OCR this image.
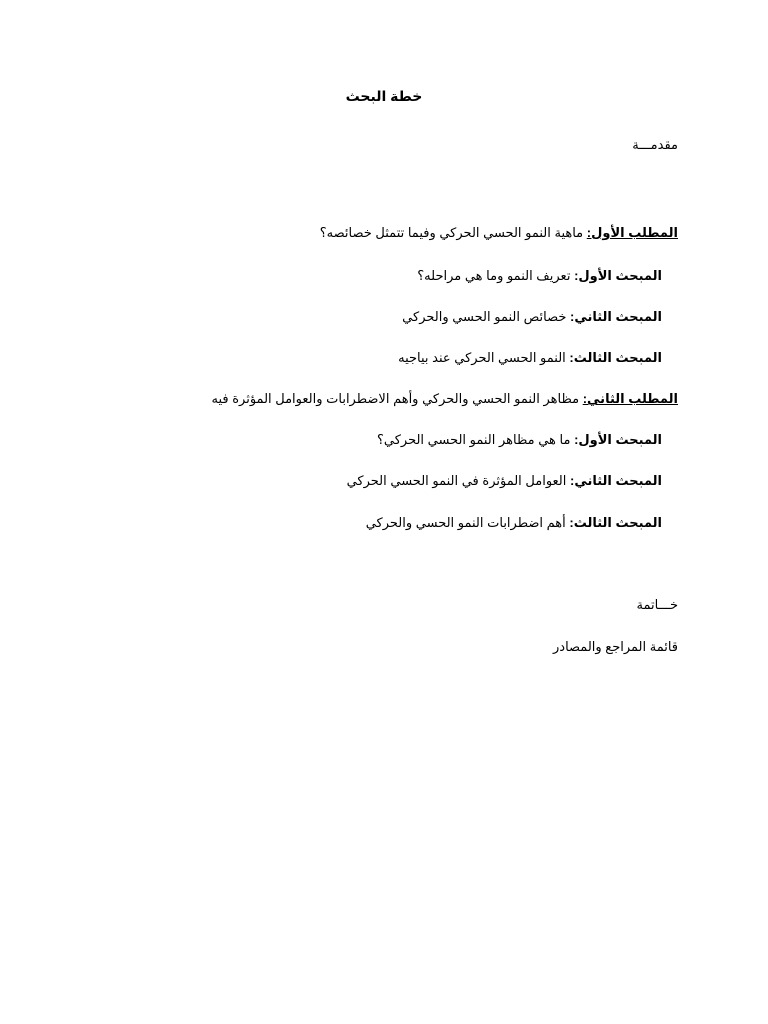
خطة البحث
مقدمـــة
المطلب الأول: ماهية النمو الحسي الحركي وفيما تتمثل خصائصه؟
المبحث الأول: تعريف النمو وما هي مراحله؟
المبحث الثاني: خصائص النمو الحسي والحركي
المبحث الثالث: النمو الحسي الحركي عند بياجيه
المطلب الثاني: مظاهر النمو الحسي والحركي وأهم الاضطرابات والعوامل المؤثرة فيه
المبحث الأول: ما هي مظاهر النمو الحسي الحركي؟
المبحث الثاني: العوامل المؤثرة في النمو الحسي الحركي
المبحث الثالث: أهم اضطرابات النمو الحسي والحركي
خـــاتمة
قائمة المراجع والمصادر
